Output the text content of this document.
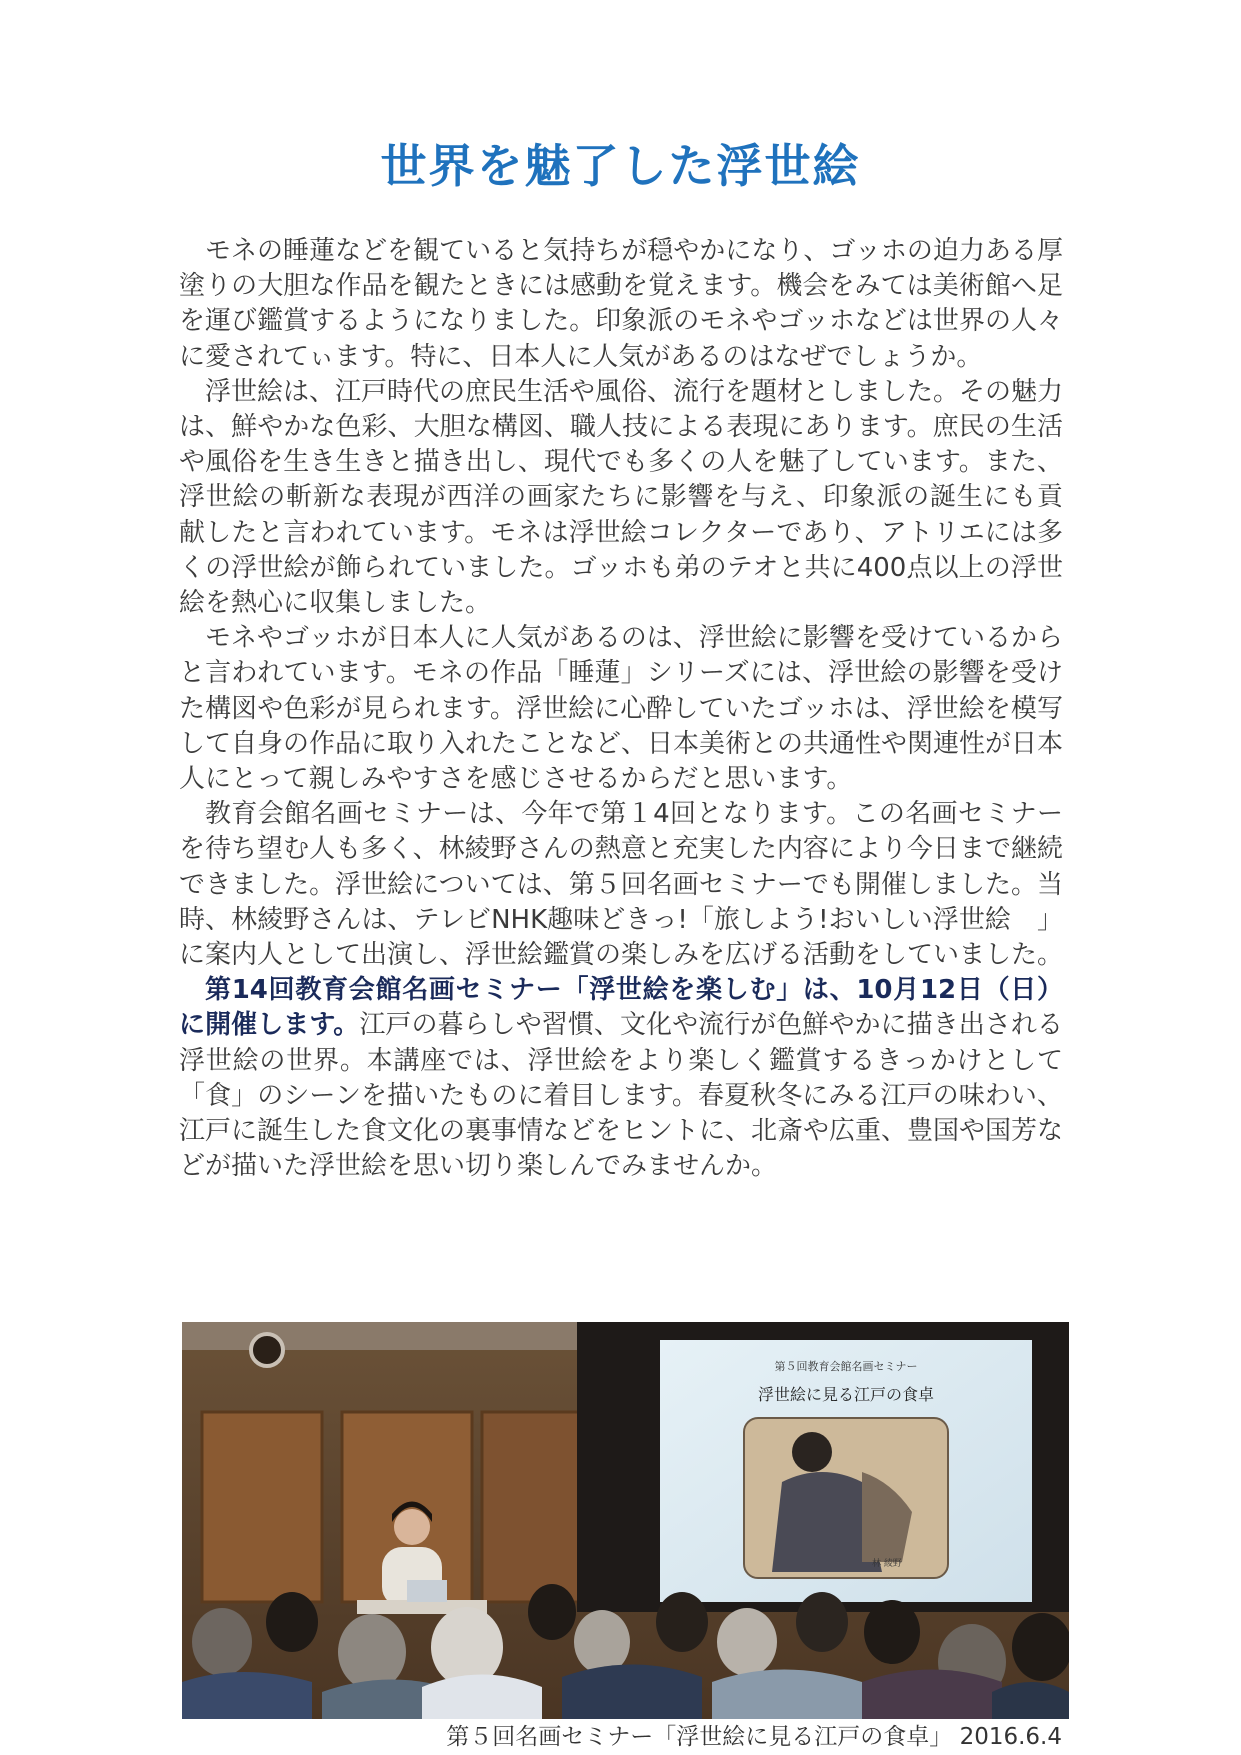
世界を魅了した浮世絵

モネの睡蓮などを観ていると気持ちが穏やかになり、ゴッホの迫力ある厚塗りの大胆な作品を観たときには感動を覚えます。機会をみては美術館へ足を運び鑑賞するようになりました。印象派のモネやゴッホなどは世界の人々に愛されてぃます。特に、日本人に人気があるのはなぜでしょうか。

浮世絵は、江戸時代の庶民生活や風俗、流行を題材としました。その魅力は、鮮やかな色彩、大胆な構図、職人技による表現にあります。庶民の生活や風俗を生き生きと描き出し、現代でも多くの人を魅了しています。また、浮世絵の斬新な表現が西洋の画家たちに影響を与え、印象派の誕生にも貢献したと言われています。モネは浮世絵コレクターであり、アトリエには多くの浮世絵が飾られていました。ゴッホも弟のテオと共に400点以上の浮世絵を熱心に収集しました。

モネやゴッホが日本人に人気があるのは、浮世絵に影響を受けているからと言われています。モネの作品「睡蓮」シリーズには、浮世絵の影響を受けた構図や色彩が見られます。浮世絵に心酔していたゴッホは、浮世絵を模写して自身の作品に取り入れたことなど、日本美術との共通性や関連性が日本人にとって親しみやすさを感じさせるからだと思います。

教育会館名画セミナーは、今年で第１4回となります。この名画セミナーを待ち望む人も多く、林綾野さんの熱意と充実した内容により今日まで継続できました。浮世絵については、第５回名画セミナーでも開催しました。当時、林綾野さんは、テレビNHK趣味どきっ!「旅しよう!おいしい浮世絵　」に案内人として出演し、浮世絵鑑賞の楽しみを広げる活動をしていました。

第14回教育会館名画セミナー「浮世絵を楽しむ」は、10月12日（日）に開催します。江戸の暮らしや習慣、文化や流行が色鮮やかに描き出される浮世絵の世界。本講座では、浮世絵をより楽しく鑑賞するきっかけとして「食」のシーンを描いたものに着目します。春夏秋冬にみる江戸の味わい、江戸に誕生した食文化の裏事情などをヒントに、北斎や広重、豊国や国芳などが描いた浮世絵を思い切り楽しんでみませんか。

第５回教育会館名画セミナー
浮世絵に見る江戸の食卓
林 綾野
第５回名画セミナー「浮世絵に見る江戸の食卓」 2016.6.4
